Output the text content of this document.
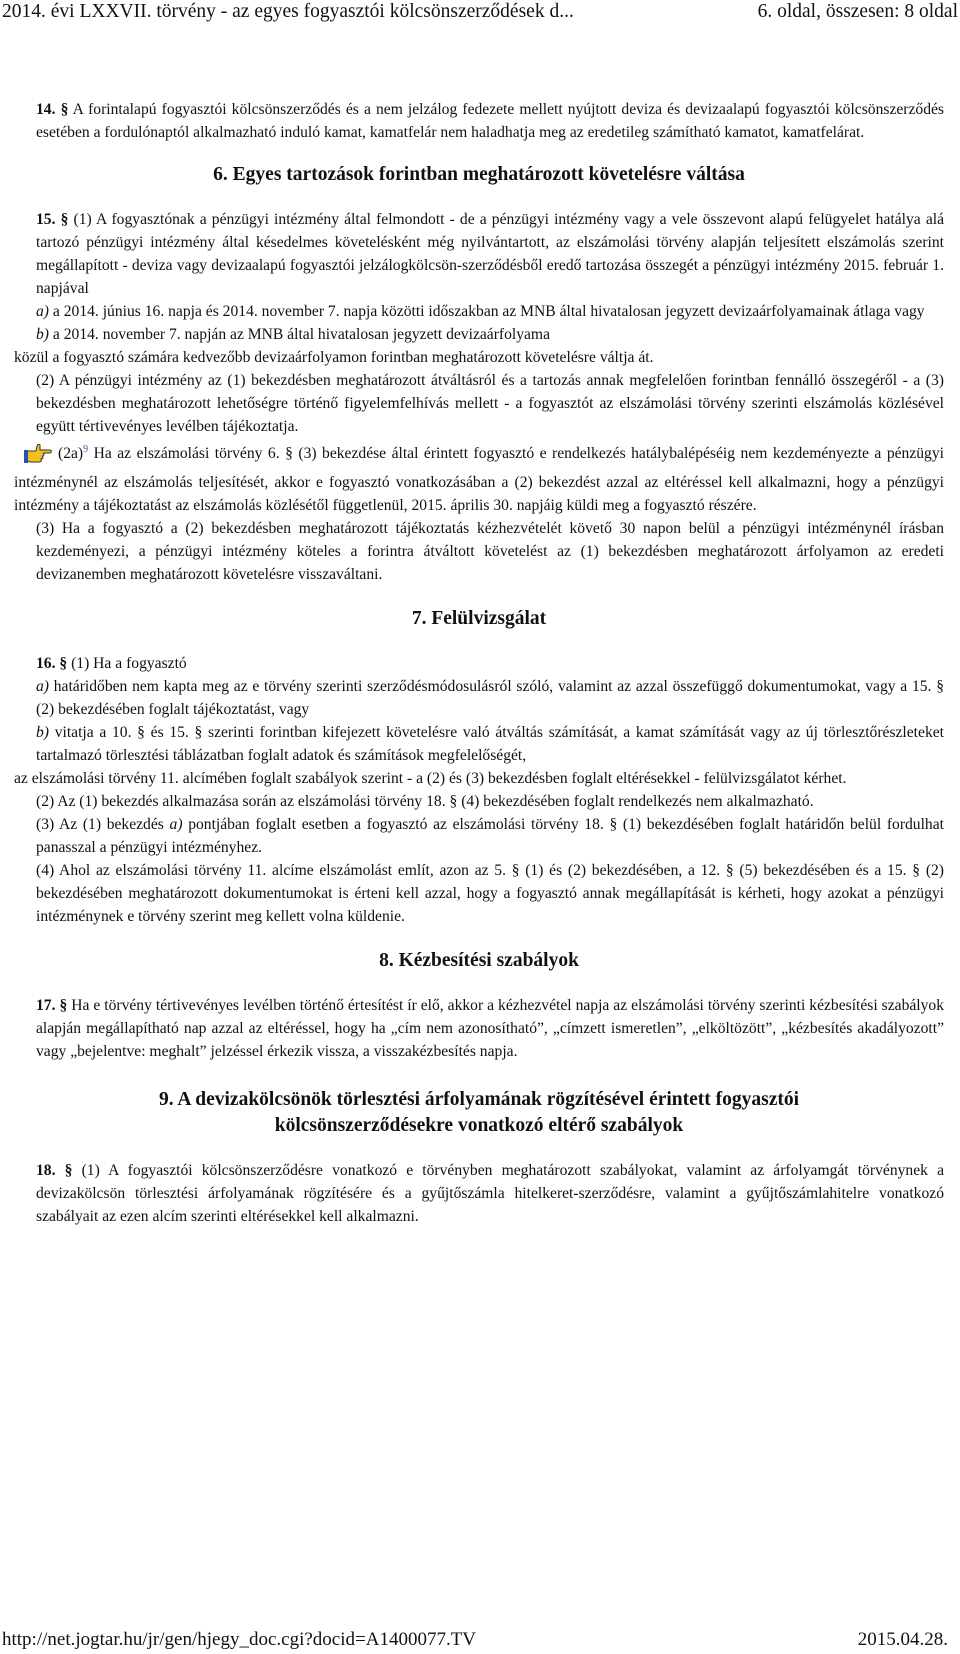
2014. évi LXXVII. törvény - az egyes fogyasztói kölcsönszerződések d...	6. oldal, összesen: 8 oldal

14. § A forintalapú fogyasztói kölcsönszerződés és a nem jelzálog fedezete mellett nyújtott deviza és devizaalapú fogyasztói kölcsönszerződés esetében a fordulónaptól alkalmazható induló kamat, kamatfelár nem haladhatja meg az eredetileg számítható kamatot, kamatfelárat.

6. Egyes tartozások forintban meghatározott követelésre váltása

15. § (1) A fogyasztónak a pénzügyi intézmény által felmondott - de a pénzügyi intézmény vagy a vele összevont alapú felügyelet hatálya alá tartozó pénzügyi intézmény által késedelmes követelésként még nyilvántartott, az elszámolási törvény alapján teljesített elszámolás szerint megállapított - deviza vagy devizaalapú fogyasztói jelzálogkölcsön-szerződésből eredő tartozása összegét a pénzügyi intézmény 2015. február 1. napjával

a) a 2014. június 16. napja és 2014. november 7. napja közötti időszakban az MNB által hivatalosan jegyzett devizaárfolyamainak átlaga vagy

b) a 2014. november 7. napján az MNB által hivatalosan jegyzett devizaárfolyama

közül a fogyasztó számára kedvezőbb devizaárfolyamon forintban meghatározott követelésre váltja át.

(2) A pénzügyi intézmény az (1) bekezdésben meghatározott átváltásról és a tartozás annak megfelelően forintban fennálló összegéről - a (3) bekezdésben meghatározott lehetőségre történő figyelemfelhívás mellett - a fogyasztót az elszámolási törvény szerinti elszámolás közlésével együtt tértivevényes levélben tájékoztatja.

(2a)$^9$ Ha az elszámolási törvény 6. § (3) bekezdése által érintett fogyasztó e rendelkezés hatálybalépéséig nem kezdeményezte a pénzügyi intézménynél az elszámolás teljesítését, akkor e fogyasztó vonatkozásában a (2) bekezdést azzal az eltéréssel kell alkalmazni, hogy a pénzügyi intézmény a tájékoztatást az elszámolás közlésétől függetlenül, 2015. április 30. napjáig küldi meg a fogyasztó részére.

(3) Ha a fogyasztó a (2) bekezdésben meghatározott tájékoztatás kézhezvételét követő 30 napon belül a pénzügyi intézménynél írásban kezdeményezi, a pénzügyi intézmény köteles a forintra átváltott követelést az (1) bekezdésben meghatározott árfolyamon az eredeti devizanemben meghatározott követelésre visszaváltani.

7. Felülvizsgálat

16. § (1) Ha a fogyasztó

a) határidőben nem kapta meg az e törvény szerinti szerződésmódosulásról szóló, valamint az azzal összefüggő dokumentumokat, vagy a 15. § (2) bekezdésében foglalt tájékoztatást, vagy

b) vitatja a 10. § és 15. § szerinti forintban kifejezett követelésre való átváltás számítását, a kamat számítását vagy az új törlesztőrészleteket tartalmazó törlesztési táblázatban foglalt adatok és számítások megfelelőségét,

az elszámolási törvény 11. alcímében foglalt szabályok szerint - a (2) és (3) bekezdésben foglalt eltérésekkel - felülvizsgálatot kérhet.

(2) Az (1) bekezdés alkalmazása során az elszámolási törvény 18. § (4) bekezdésében foglalt rendelkezés nem alkalmazható.

(3) Az (1) bekezdés a) pontjában foglalt esetben a fogyasztó az elszámolási törvény 18. § (1) bekezdésében foglalt határidőn belül fordulhat panasszal a pénzügyi intézményhez.

(4) Ahol az elszámolási törvény 11. alcíme elszámolást említ, azon az 5. § (1) és (2) bekezdésében, a 12. § (5) bekezdésében és a 15. § (2) bekezdésében meghatározott dokumentumokat is érteni kell azzal, hogy a fogyasztó annak megállapítását is kérheti, hogy azokat a pénzügyi intézménynek e törvény szerint meg kellett volna küldenie.

8. Kézbesítési szabályok

17. § Ha e törvény tértivevényes levélben történő értesítést ír elő, akkor a kézhezvétel napja az elszámolási törvény szerinti kézbesítési szabályok alapján megállapítható nap azzal az eltéréssel, hogy ha „cím nem azonosítható”, „címzett ismeretlen”, „elköltözött”, „kézbesítés akadályozott” vagy „bejelentve: meghalt” jelzéssel érkezik vissza, a visszakézbesítés napja.

9. A devizakölcsönök törlesztési árfolyamának rögzítésével érintett fogyasztói
kölcsönszerződésekre vonatkozó eltérő szabályok

18. § (1) A fogyasztói kölcsönszerződésre vonatkozó e törvényben meghatározott szabályokat, valamint az árfolyamgát törvénynek a devizakölcsön törlesztési árfolyamának rögzítésére és a gyűjtőszámla hitelkeret-szerződésre, valamint a gyűjtőszámlahitelre vonatkozó szabályait az ezen alcím szerinti eltérésekkel kell alkalmazni.

http://net.jogtar.hu/jr/gen/hjegy_doc.cgi?docid=A1400077.TV	2015.04.28.
